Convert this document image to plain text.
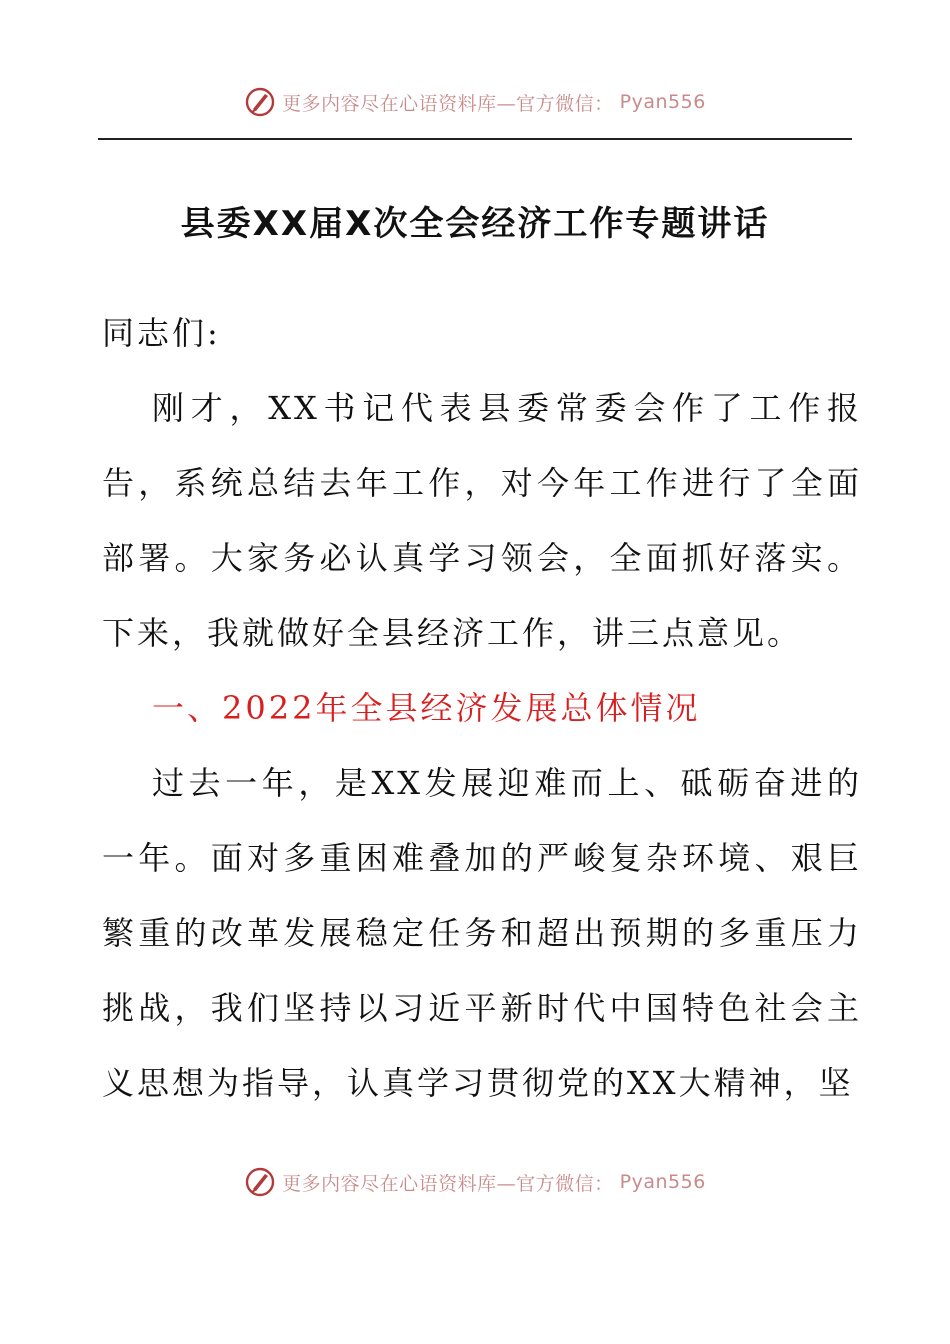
更多内容尽在心语资料库—官方微信： Pyan556
县委XX届X次全会经济工作专题讲话

同志们:

刚才，XX书记代表县委常委会作了工作报告，系统总结去年工作，对今年工作进行了全面部署。大家务必认真学习领会，全面抓好落实。下来，我就做好全县经济工作，讲三点意见。

一、2022年全县经济发展总体情况

过去一年，是XX发展迎难而上、砥砺奋进的一年。面对多重困难叠加的严峻复杂环境、艰巨繁重的改革发展稳定任务和超出预期的多重压力挑战，我们坚持以习近平新时代中国特色社会主义思想为指导，认真学习贯彻党的XX大精神，坚

更多内容尽在心语资料库—官方微信： Pyan556
